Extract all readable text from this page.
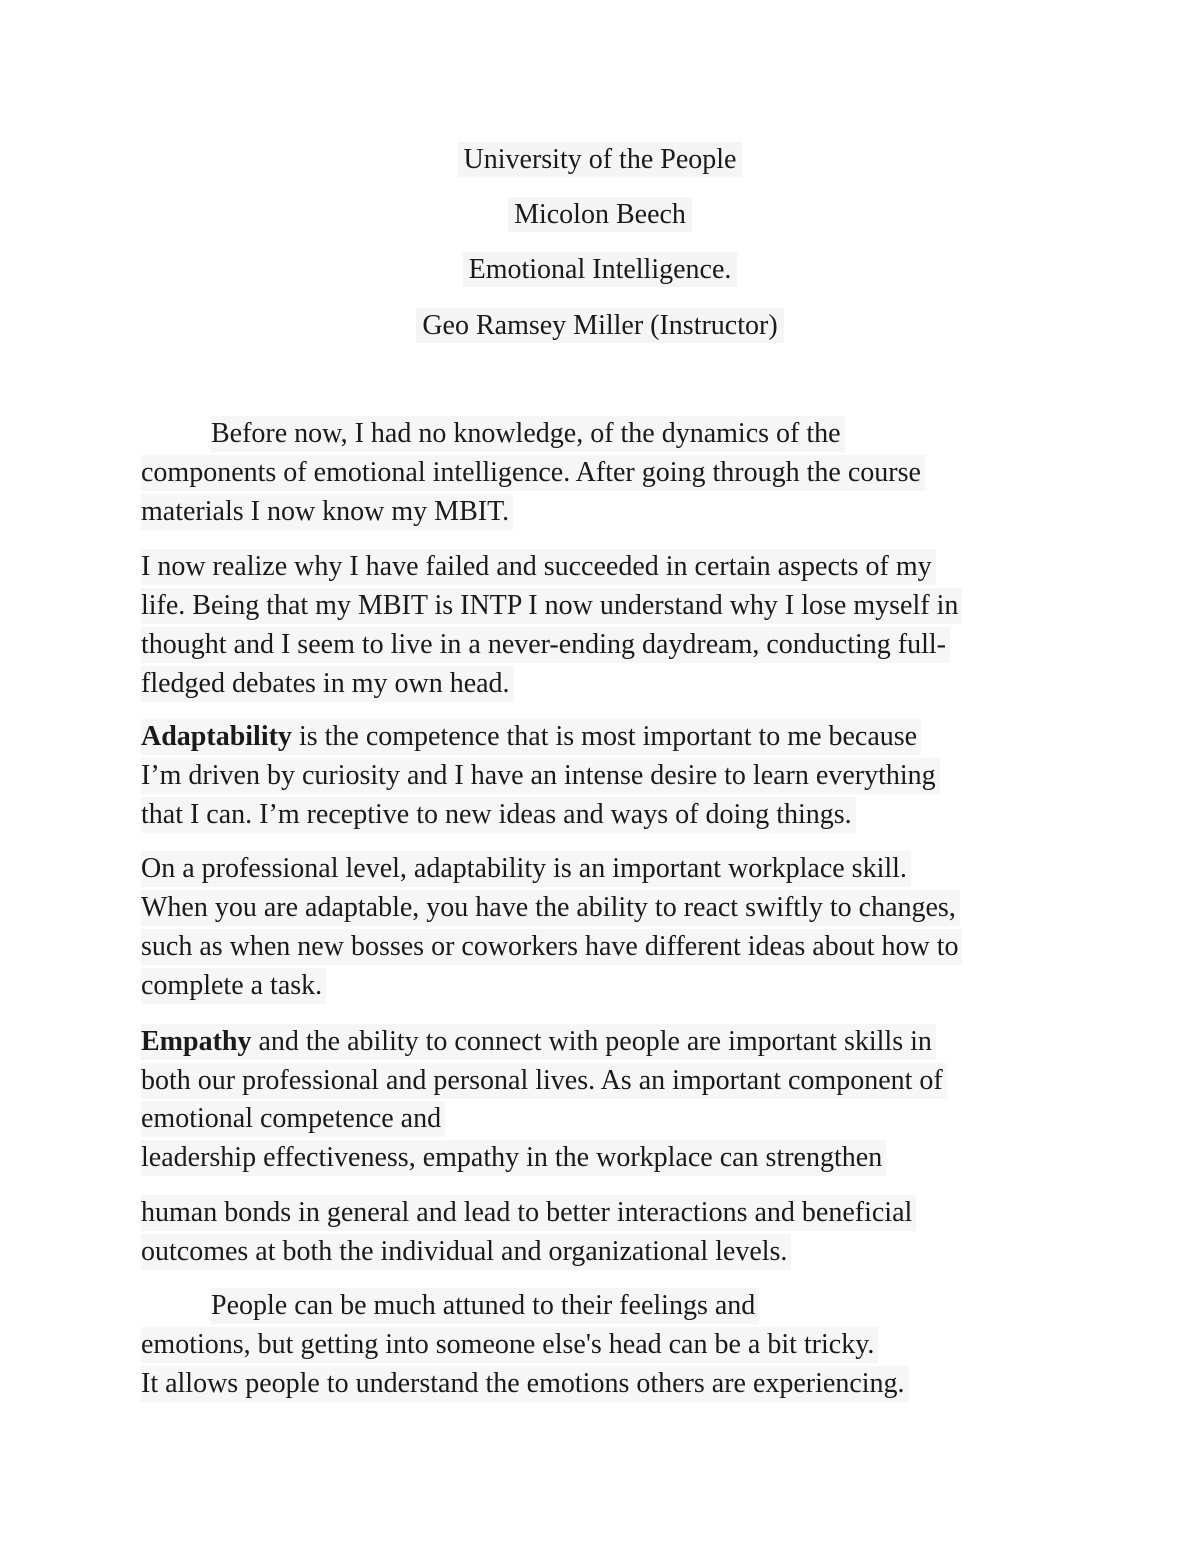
University of the People
Micolon Beech
Emotional Intelligence.
Geo Ramsey Miller (Instructor)
Before now, I had no knowledge, of the dynamics of the
components of emotional intelligence. After going through the course
materials I now know my MBIT.
I now realize why I have failed and succeeded in certain aspects of my
life. Being that my MBIT is INTP I now understand why I lose myself in
thought and I seem to live in a never-ending daydream, conducting full-
fledged debates in my own head.
Adaptability is the competence that is most important to me because
I’m driven by curiosity and I have an intense desire to learn everything
that I can. I’m receptive to new ideas and ways of doing things.
On a professional level, adaptability is an important workplace skill.
When you are adaptable, you have the ability to react swiftly to changes,
such as when new bosses or coworkers have different ideas about how to
complete a task.
Empathy and the ability to connect with people are important skills in
both our professional and personal lives. As an important component of
emotional competence and
leadership effectiveness, empathy in the workplace can strengthen
human bonds in general and lead to better interactions and beneficial
outcomes at both the individual and organizational levels.
People can be much attuned to their feelings and
emotions, but getting into someone else's head can be a bit tricky.
It allows people to understand the emotions others are experiencing.
